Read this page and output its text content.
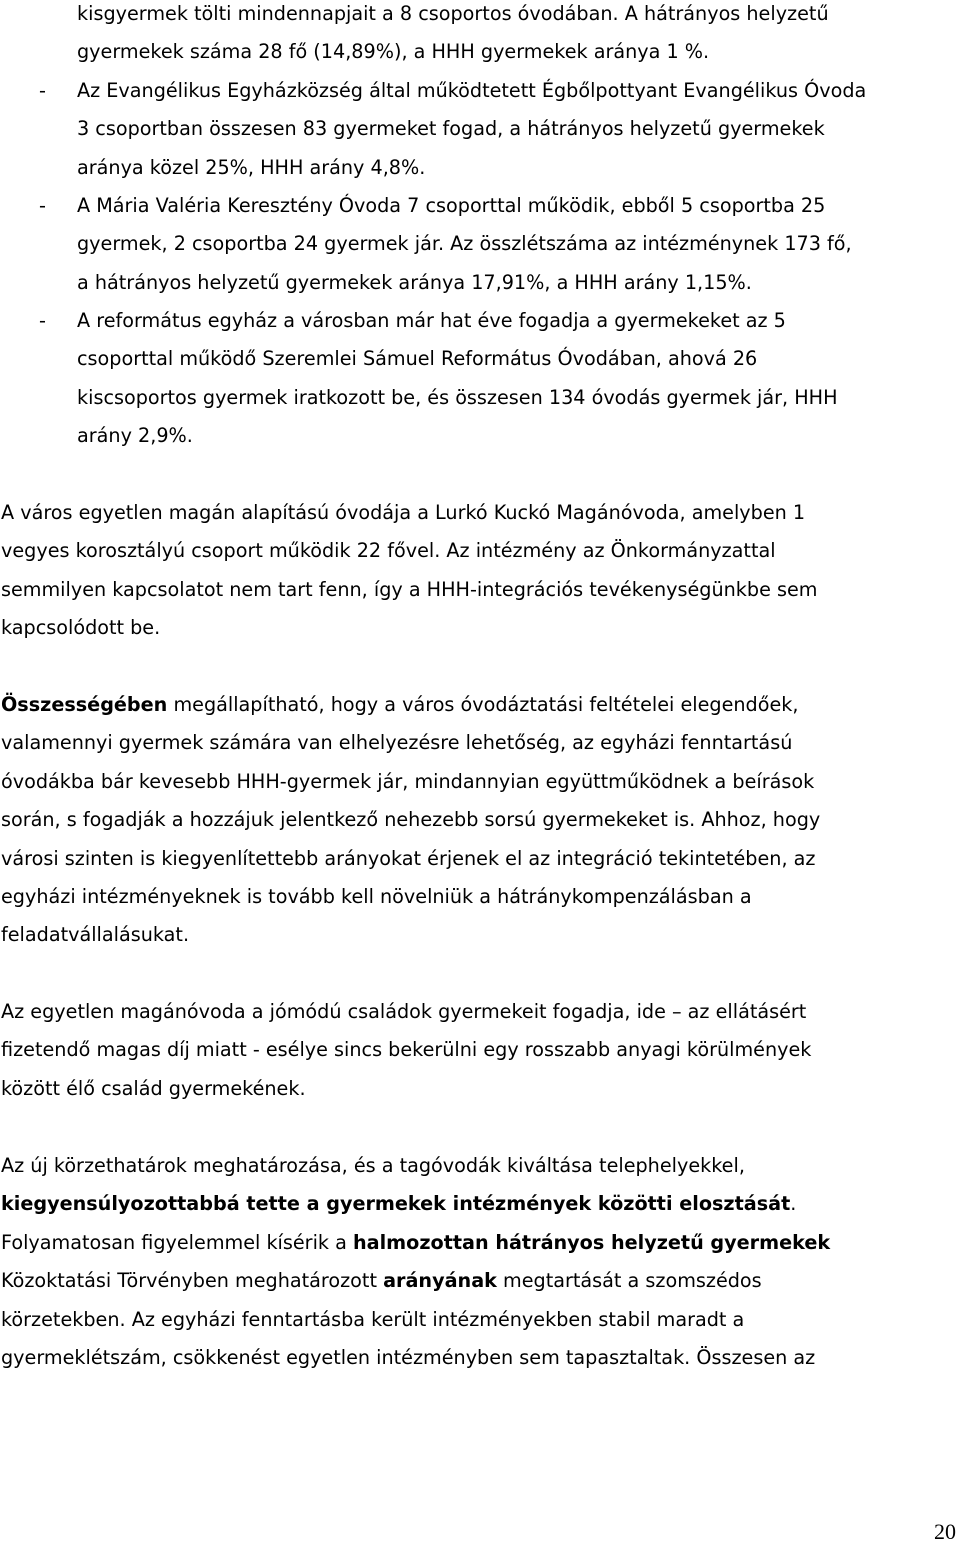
kisgyermek tölti mindennapjait a 8 csoportos óvodában. A hátrányos helyzetű
gyermekek száma 28 fő (14,89%), a HHH gyermekek aránya 1 %.
-	Az Evangélikus Egyházközség által működtetett Égbőlpottyant Evangélikus Óvoda
3 csoportban összesen 83 gyermeket fogad, a hátrányos helyzetű gyermekek
aránya közel 25%, HHH arány 4,8%.
-	A Mária Valéria Keresztény Óvoda 7 csoporttal működik, ebből 5 csoportba 25
gyermek, 2 csoportba 24 gyermek jár. Az összlétszáma az intézménynek 173 fő,
a hátrányos helyzetű gyermekek aránya 17,91%, a HHH arány 1,15%.
-	A református egyház a városban már hat éve fogadja a gyermekeket az 5
csoporttal működő Szeremlei Sámuel Református Óvodában, ahová 26
kiscsoportos gyermek iratkozott be, és összesen 134 óvodás gyermek jár, HHH
arány 2,9%.
A város egyetlen magán alapítású óvodája a Lurkó Kuckó Magánóvoda, amelyben 1
vegyes korosztályú csoport működik 22 fővel. Az intézmény az Önkormányzattal
semmilyen kapcsolatot nem tart fenn, így a HHH-integrációs tevékenységünkbe sem
kapcsolódott be.
Összességében megállapítható, hogy a város óvodáztatási feltételei elegendőek,
valamennyi gyermek számára van elhelyezésre lehetőség, az egyházi fenntartású
óvodákba bár kevesebb HHH-gyermek jár, mindannyian együttműködnek a beírások
során, s fogadják a hozzájuk jelentkező nehezebb sorsú gyermekeket is. Ahhoz, hogy
városi szinten is kiegyenlítettebb arányokat érjenek el az integráció tekintetében, az
egyházi intézményeknek is tovább kell növelniük a hátránykompenzálásban a
feladatvállalásukat.
Az egyetlen magánóvoda a jómódú családok gyermekeit fogadja, ide – az ellátásért
fizetendő magas díj miatt - esélye sincs bekerülni egy rosszabb anyagi körülmények
között élő család gyermekének.
Az új körzethatárok meghatározása, és a tagóvodák kiváltása telephelyekkel,
kiegyensúlyozottabbá tette a gyermekek intézmények közötti elosztását.
Folyamatosan figyelemmel kísérik a halmozottan hátrányos helyzetű gyermekek
Közoktatási Törvényben meghatározott arányának megtartását a szomszédos
körzetekben. Az egyházi fenntartásba került intézményekben stabil maradt a
gyermeklétszám, csökkenést egyetlen intézményben sem tapasztaltak. Összesen az
20
